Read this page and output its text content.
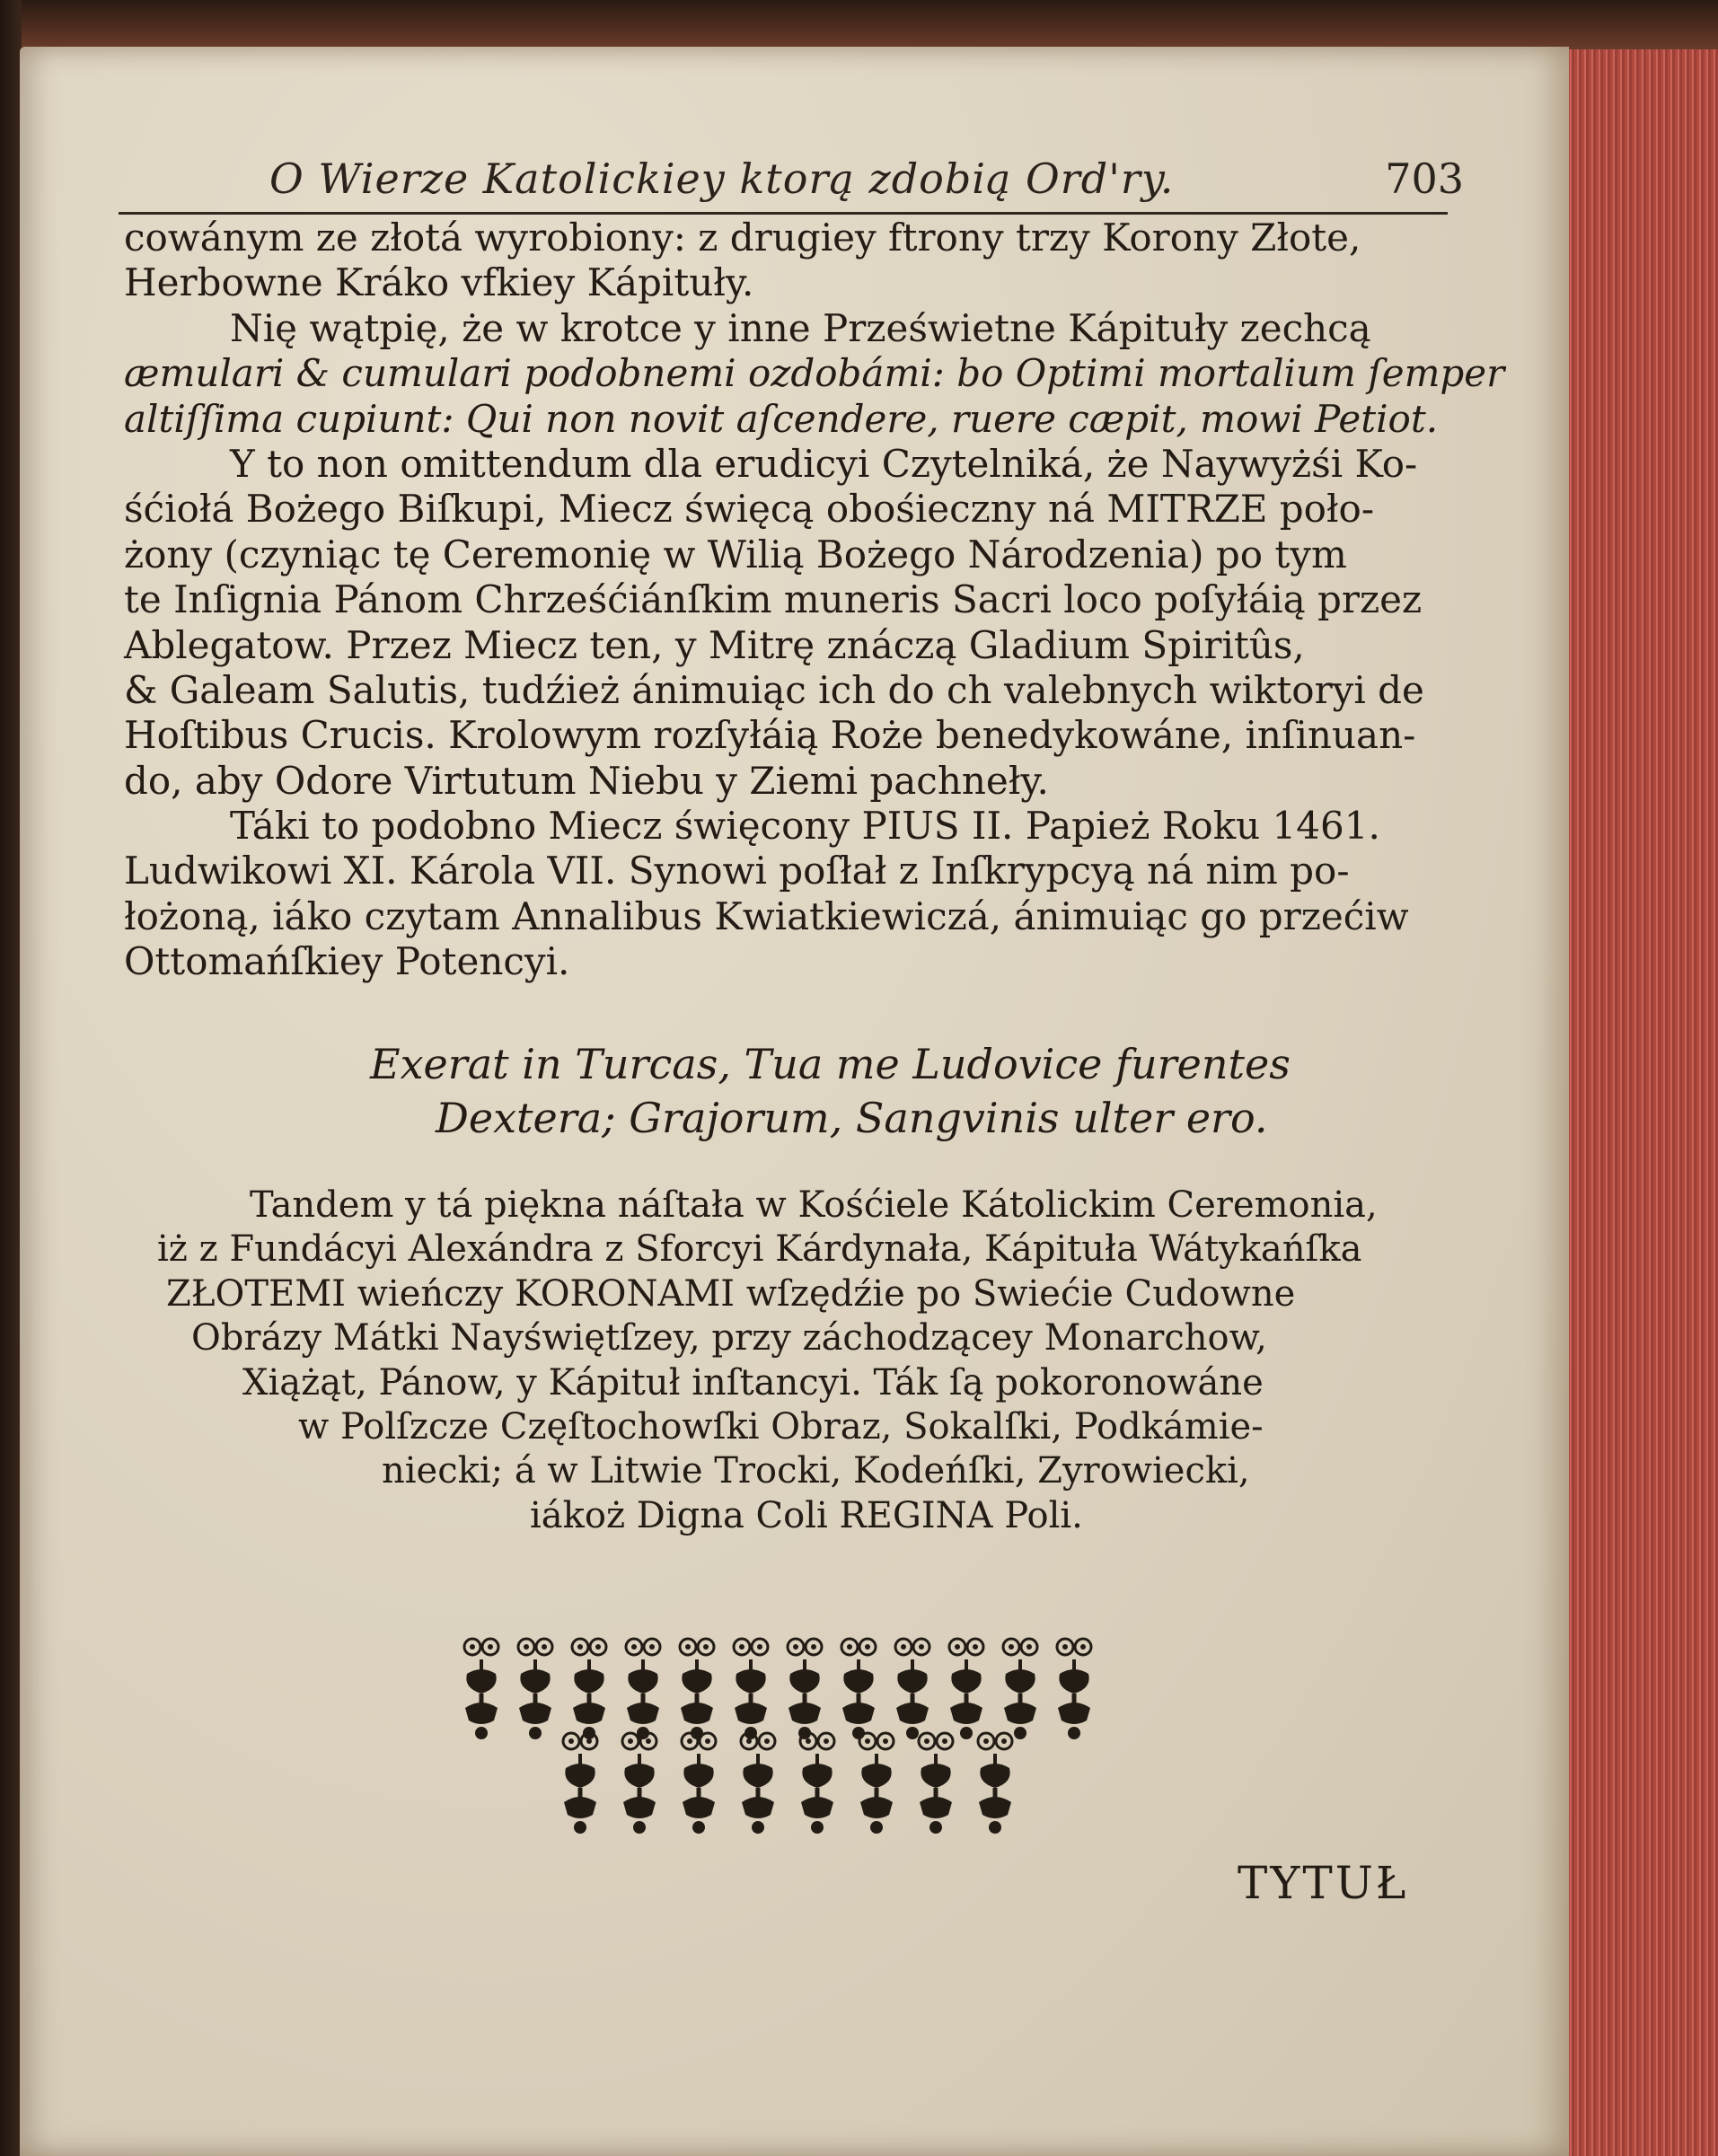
O Wierze Katolickiey ktorą zdobią Ord'ry.	703
cowánym ze złotá wyrobiony: z drugiey ftrony trzy Korony Złote,
Herbowne Kráko vfkiey Kápituły.
Nię wątpię, że w krotce y inne Prześwietne Kápituły zechcą
æmulari & cumulari podobnemi ozdobámi: bo Optimi mortalium ſemper
altiſſima cupiunt: Qui non novit aſcendere, ruere cæpit, mowi Petiot.
Y to non omittendum dla erudicyi Czytelniká, że Naywyżśi Ko-
śćiołá Bożego Biſkupi, Miecz święcą obośieczny ná MITRZE poło-
żony (czyniąc tę Ceremonię w Wilią Bożego Národzenia) po tym
te Inſignia Pánom Chrześćiánſkim muneris Sacri loco poſyłáią przez
Ablegatow. Przez Miecz ten, y Mitrę znáczą Gladium Spiritûs,
& Galeam Salutis, tudźież ánimuiąc ich do ch valebnych wiktoryi de
Hoſtibus Crucis. Krolowym rozſyłáią Roże benedykowáne, inſinuan-
do, aby Odore Virtutum Niebu y Ziemi pachneły.
Táki to podobno Miecz święcony PIUS II. Papież Roku 1461.
Ludwikowi XI. Károla VII. Synowi poſłał z Inſkrypcyą ná nim po-
łożoną, iáko czytam Annalibus Kwiatkiewiczá, ánimuiąc go przećiw
Ottomańſkiey Potencyi.
Exerat in Turcas, Tua me Ludovice furentes
Dextera; Grajorum, Sangvinis ulter ero.
Tandem y tá piękna náſtała w Kośćiele Kátolickim Ceremonia,
iż z Fundácyi Alexándra z Sforcyi Kárdynała, Kápituła Wátykańſka
ZŁOTEMI wieńczy KORONAMI wſzędźie po Swiećie Cudowne
Obrázy Mátki Nayświętſzey, przy záchodzącey Monarchow,
Xiążąt, Pánow, y Kápituł inſtancyi. Ták ſą pokoronowáne
w Polſzcze Częſtochowſki Obraz, Sokalſki, Podkámie-
niecki; á w Litwie Trocki, Kodeńſki, Zyrowiecki,
iákoż Digna Coli REGINA Poli.
TYTUŁ
